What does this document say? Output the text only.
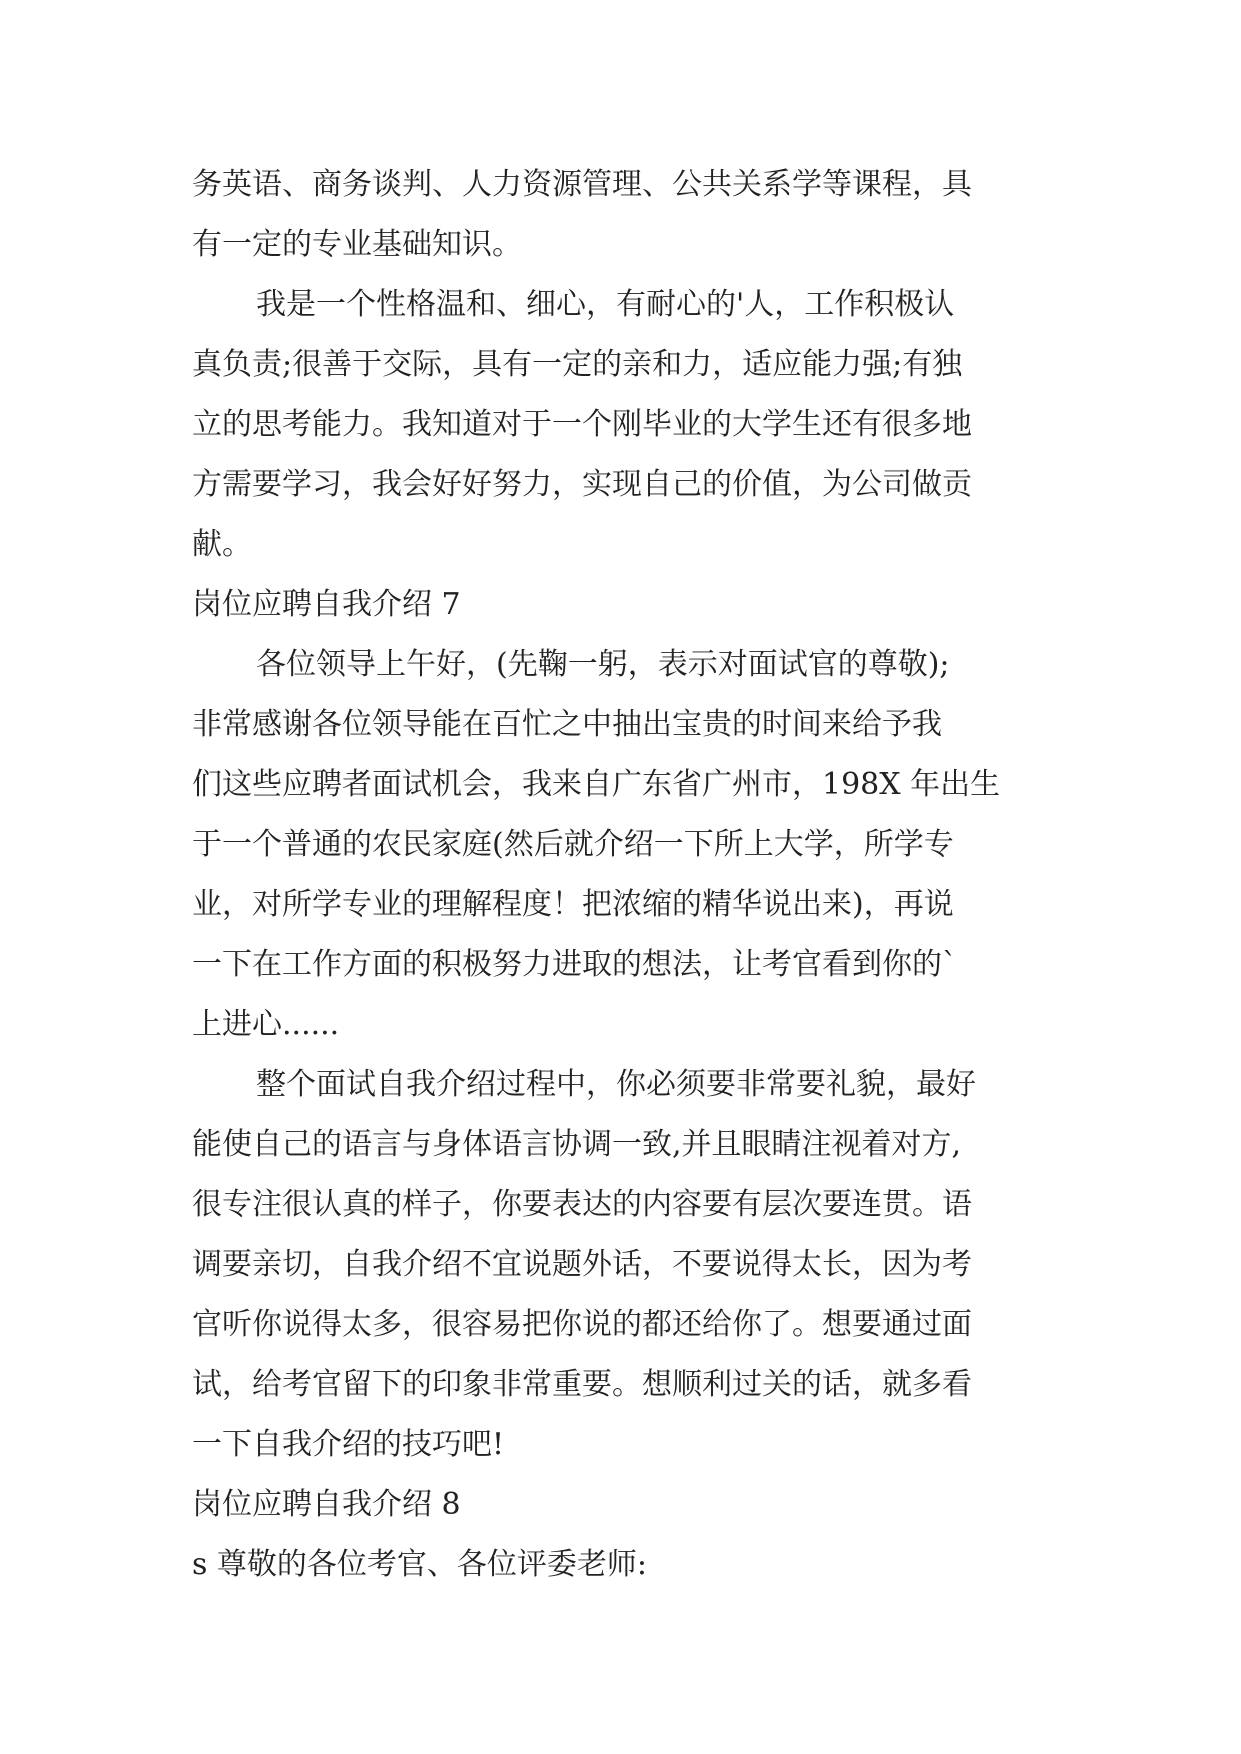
务英语、商务谈判、人力资源管理、公共关系学等课程，具
有一定的专业基础知识。
我是一个性格温和、细心，有耐心的'人，工作积极认
真负责;很善于交际，具有一定的亲和力，适应能力强;有独
立的思考能力。我知道对于一个刚毕业的大学生还有很多地
方需要学习，我会好好努力，实现自己的价值，为公司做贡
献。
岗位应聘自我介绍 7
各位领导上午好，(先鞠一躬，表示对面试官的尊敬);
非常感谢各位领导能在百忙之中抽出宝贵的时间来给予我
们这些应聘者面试机会，我来自广东省广州市，198X 年出生
于一个普通的农民家庭(然后就介绍一下所上大学，所学专
业，对所学专业的理解程度！把浓缩的精华说出来)，再说
一下在工作方面的积极努力进取的想法，让考官看到你的`
上进心......
整个面试自我介绍过程中，你必须要非常要礼貌，最好
能使自己的语言与身体语言协调一致,并且眼睛注视着对方,
很专注很认真的样子，你要表达的内容要有层次要连贯。语
调要亲切，自我介绍不宜说题外话，不要说得太长，因为考
官听你说得太多，很容易把你说的都还给你了。想要通过面
试，给考官留下的印象非常重要。想顺利过关的话，就多看
一下自我介绍的技巧吧!
岗位应聘自我介绍 8
s 尊敬的各位考官、各位评委老师:
